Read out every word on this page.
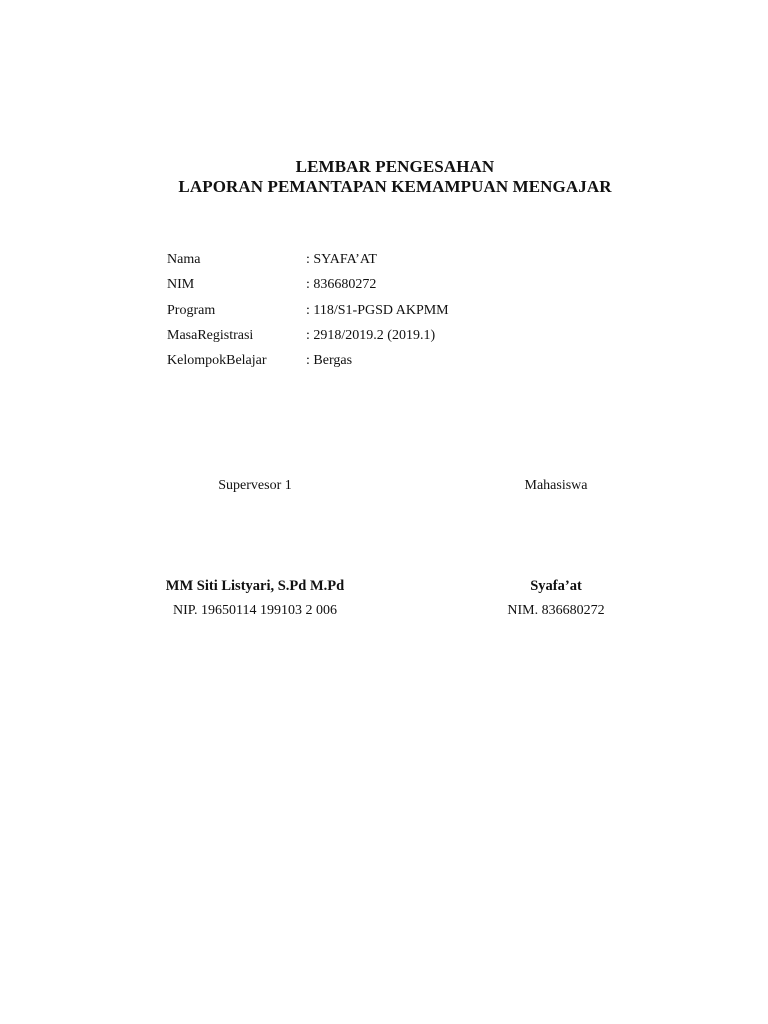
LEMBAR PENGESAHAN
LAPORAN PEMANTAPAN KEMAMPUAN MENGAJAR
Nama	: SYAFA’AT
NIM	: 836680272
Program	: 118/S1-PGSD AKPMM
MasaRegistrasi	: 2918/2019.2 (2019.1)
KelompokBelajar	: Bergas
Supervesor 1	Mahasiswa
MM Siti Listyari, S.Pd M.Pd	Syafa’at
NIP. 19650114 199103 2 006	NIM. 836680272
